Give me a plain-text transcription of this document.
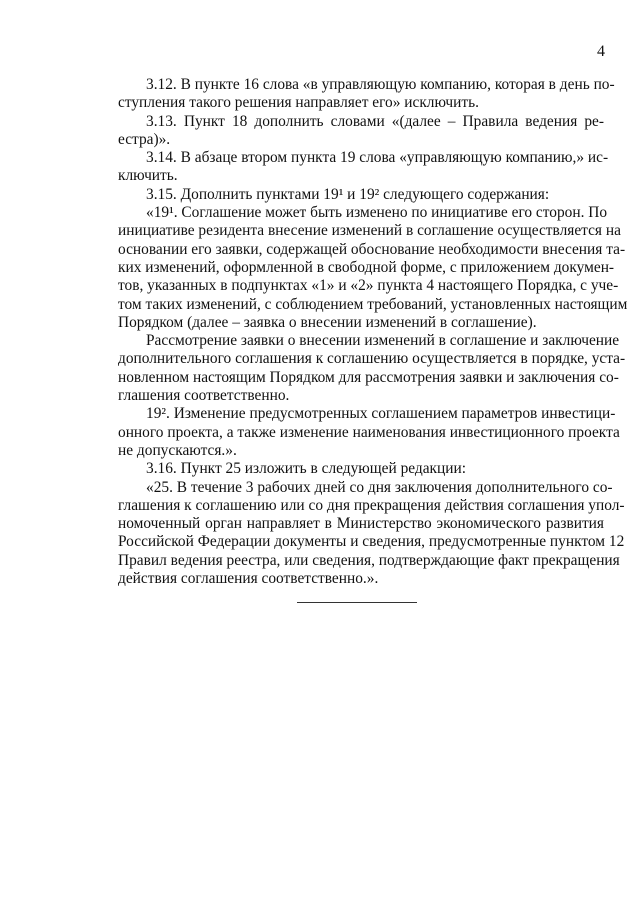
4
3.12. В пункте 16 слова «в управляющую компанию, которая в день по-
ступления такого решения направляет его» исключить.
3.13. Пункт 18 дополнить словами «(далее – Правила ведения ре-
естра)».
3.14. В абзаце втором пункта 19 слова «управляющую компанию,» ис-
ключить.
3.15. Дополнить пунктами 19¹ и 19² следующего содержания:
«19¹. Соглашение может быть изменено по инициативе его сторон. По
инициативе резидента внесение изменений в соглашение осуществляется на
основании его заявки, содержащей обоснование необходимости внесения та-
ких изменений, оформленной в свободной форме, с приложением докумен-
тов, указанных в подпунктах «1» и «2» пункта 4 настоящего Порядка, с уче-
том таких изменений, с соблюдением требований, установленных настоящим
Порядком (далее – заявка о внесении изменений в соглашение).
Рассмотрение заявки о внесении изменений в соглашение и заключение
дополнительного соглашения к соглашению осуществляется в порядке, уста-
новленном настоящим Порядком для рассмотрения заявки и заключения со-
глашения соответственно.
19². Изменение предусмотренных соглашением параметров инвестици-
онного проекта, а также изменение наименования инвестиционного проекта
не допускаются.».
3.16. Пункт 25 изложить в следующей редакции:
«25. В течение 3 рабочих дней со дня заключения дополнительного со-
глашения к соглашению или со дня прекращения действия соглашения упол-
номоченный орган направляет в Министерство экономического развития
Российской Федерации документы и сведения, предусмотренные пунктом 12
Правил ведения реестра, или сведения, подтверждающие факт прекращения
действия соглашения соответственно.».
